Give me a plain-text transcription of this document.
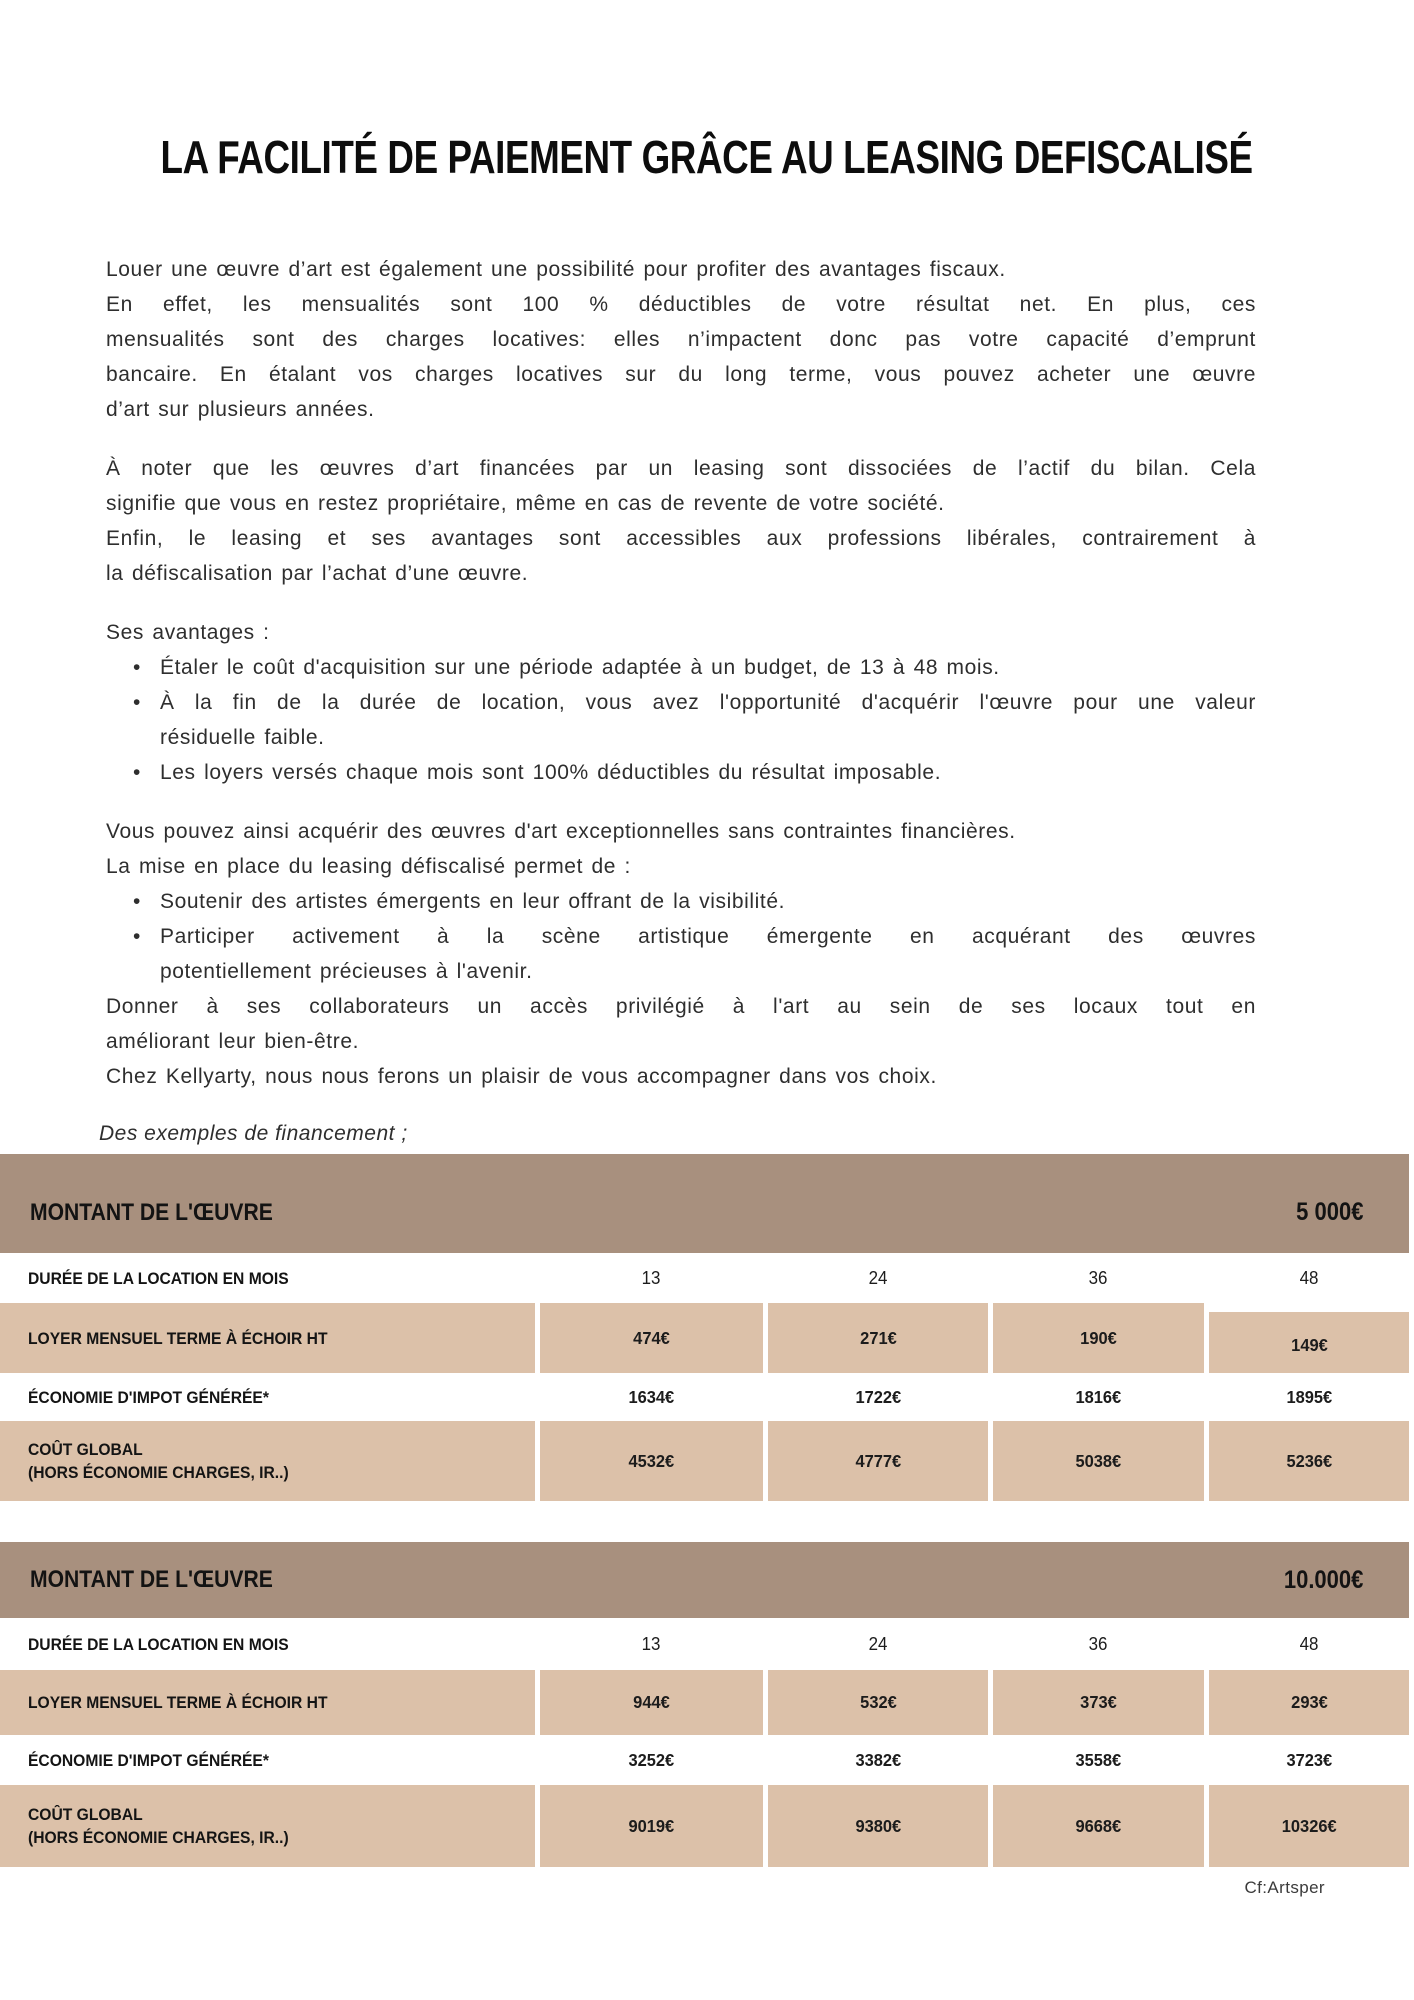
LA FACILITÉ DE PAIEMENT GRÂCE AU LEASING DEFISCALISÉ
Louer une œuvre d’art est également une possibilité pour profiter des avantages fiscaux.
En effet, les mensualités sont 100 % déductibles de votre résultat net. En plus, ces
mensualités sont des charges locatives: elles n’impactent donc pas votre capacité d’emprunt
bancaire. En étalant vos charges locatives sur du long terme, vous pouvez acheter une œuvre
d’art sur plusieurs années.
À noter que les œuvres d’art financées par un leasing sont dissociées de l’actif du bilan. Cela
signifie que vous en restez propriétaire, même en cas de revente de votre société.
Enfin, le leasing et ses avantages sont accessibles aux professions libérales, contrairement à
la défiscalisation par l’achat d’une œuvre.
Ses avantages :
• Étaler le coût d'acquisition sur une période adaptée à un budget, de 13 à 48 mois.
• À la fin de la durée de location, vous avez l'opportunité d'acquérir l'œuvre pour une valeur
résiduelle faible.
• Les loyers versés chaque mois sont 100% déductibles du résultat imposable.
Vous pouvez ainsi acquérir des œuvres d'art exceptionnelles sans contraintes financières.
La mise en place du leasing défiscalisé permet de :
• Soutenir des artistes émergents en leur offrant de la visibilité.
• Participer activement à la scène artistique émergente en acquérant des œuvres
potentiellement précieuses à l'avenir.
Donner à ses collaborateurs un accès privilégié à l'art au sein de ses locaux tout en
améliorant leur bien-être.
Chez Kellyarty, nous nous ferons un plaisir de vous accompagner dans vos choix.
Des exemples de financement ;
MONTANT DE L'ŒUVRE	5 000€
DURÉE DE LA LOCATION EN MOIS	13	24	36	48
LOYER MENSUEL TERME À ÉCHOIR HT	474€	271€	190€	149€
ÉCONOMIE D'IMPOT GÉNÉRÉE*	1634€	1722€	1816€	1895€
COÛT GLOBAL
(HORS ÉCONOMIE CHARGES, IR..)
4532€	4777€	5038€	5236€
MONTANT DE L'ŒUVRE	10.000€
DURÉE DE LA LOCATION EN MOIS	13	24	36	48
LOYER MENSUEL TERME À ÉCHOIR HT	944€	532€	373€	293€
ÉCONOMIE D'IMPOT GÉNÉRÉE*	3252€	3382€	3558€	3723€
COÛT GLOBAL
(HORS ÉCONOMIE CHARGES, IR..)
9019€	9380€	9668€	10326€
Cf:Artsper
